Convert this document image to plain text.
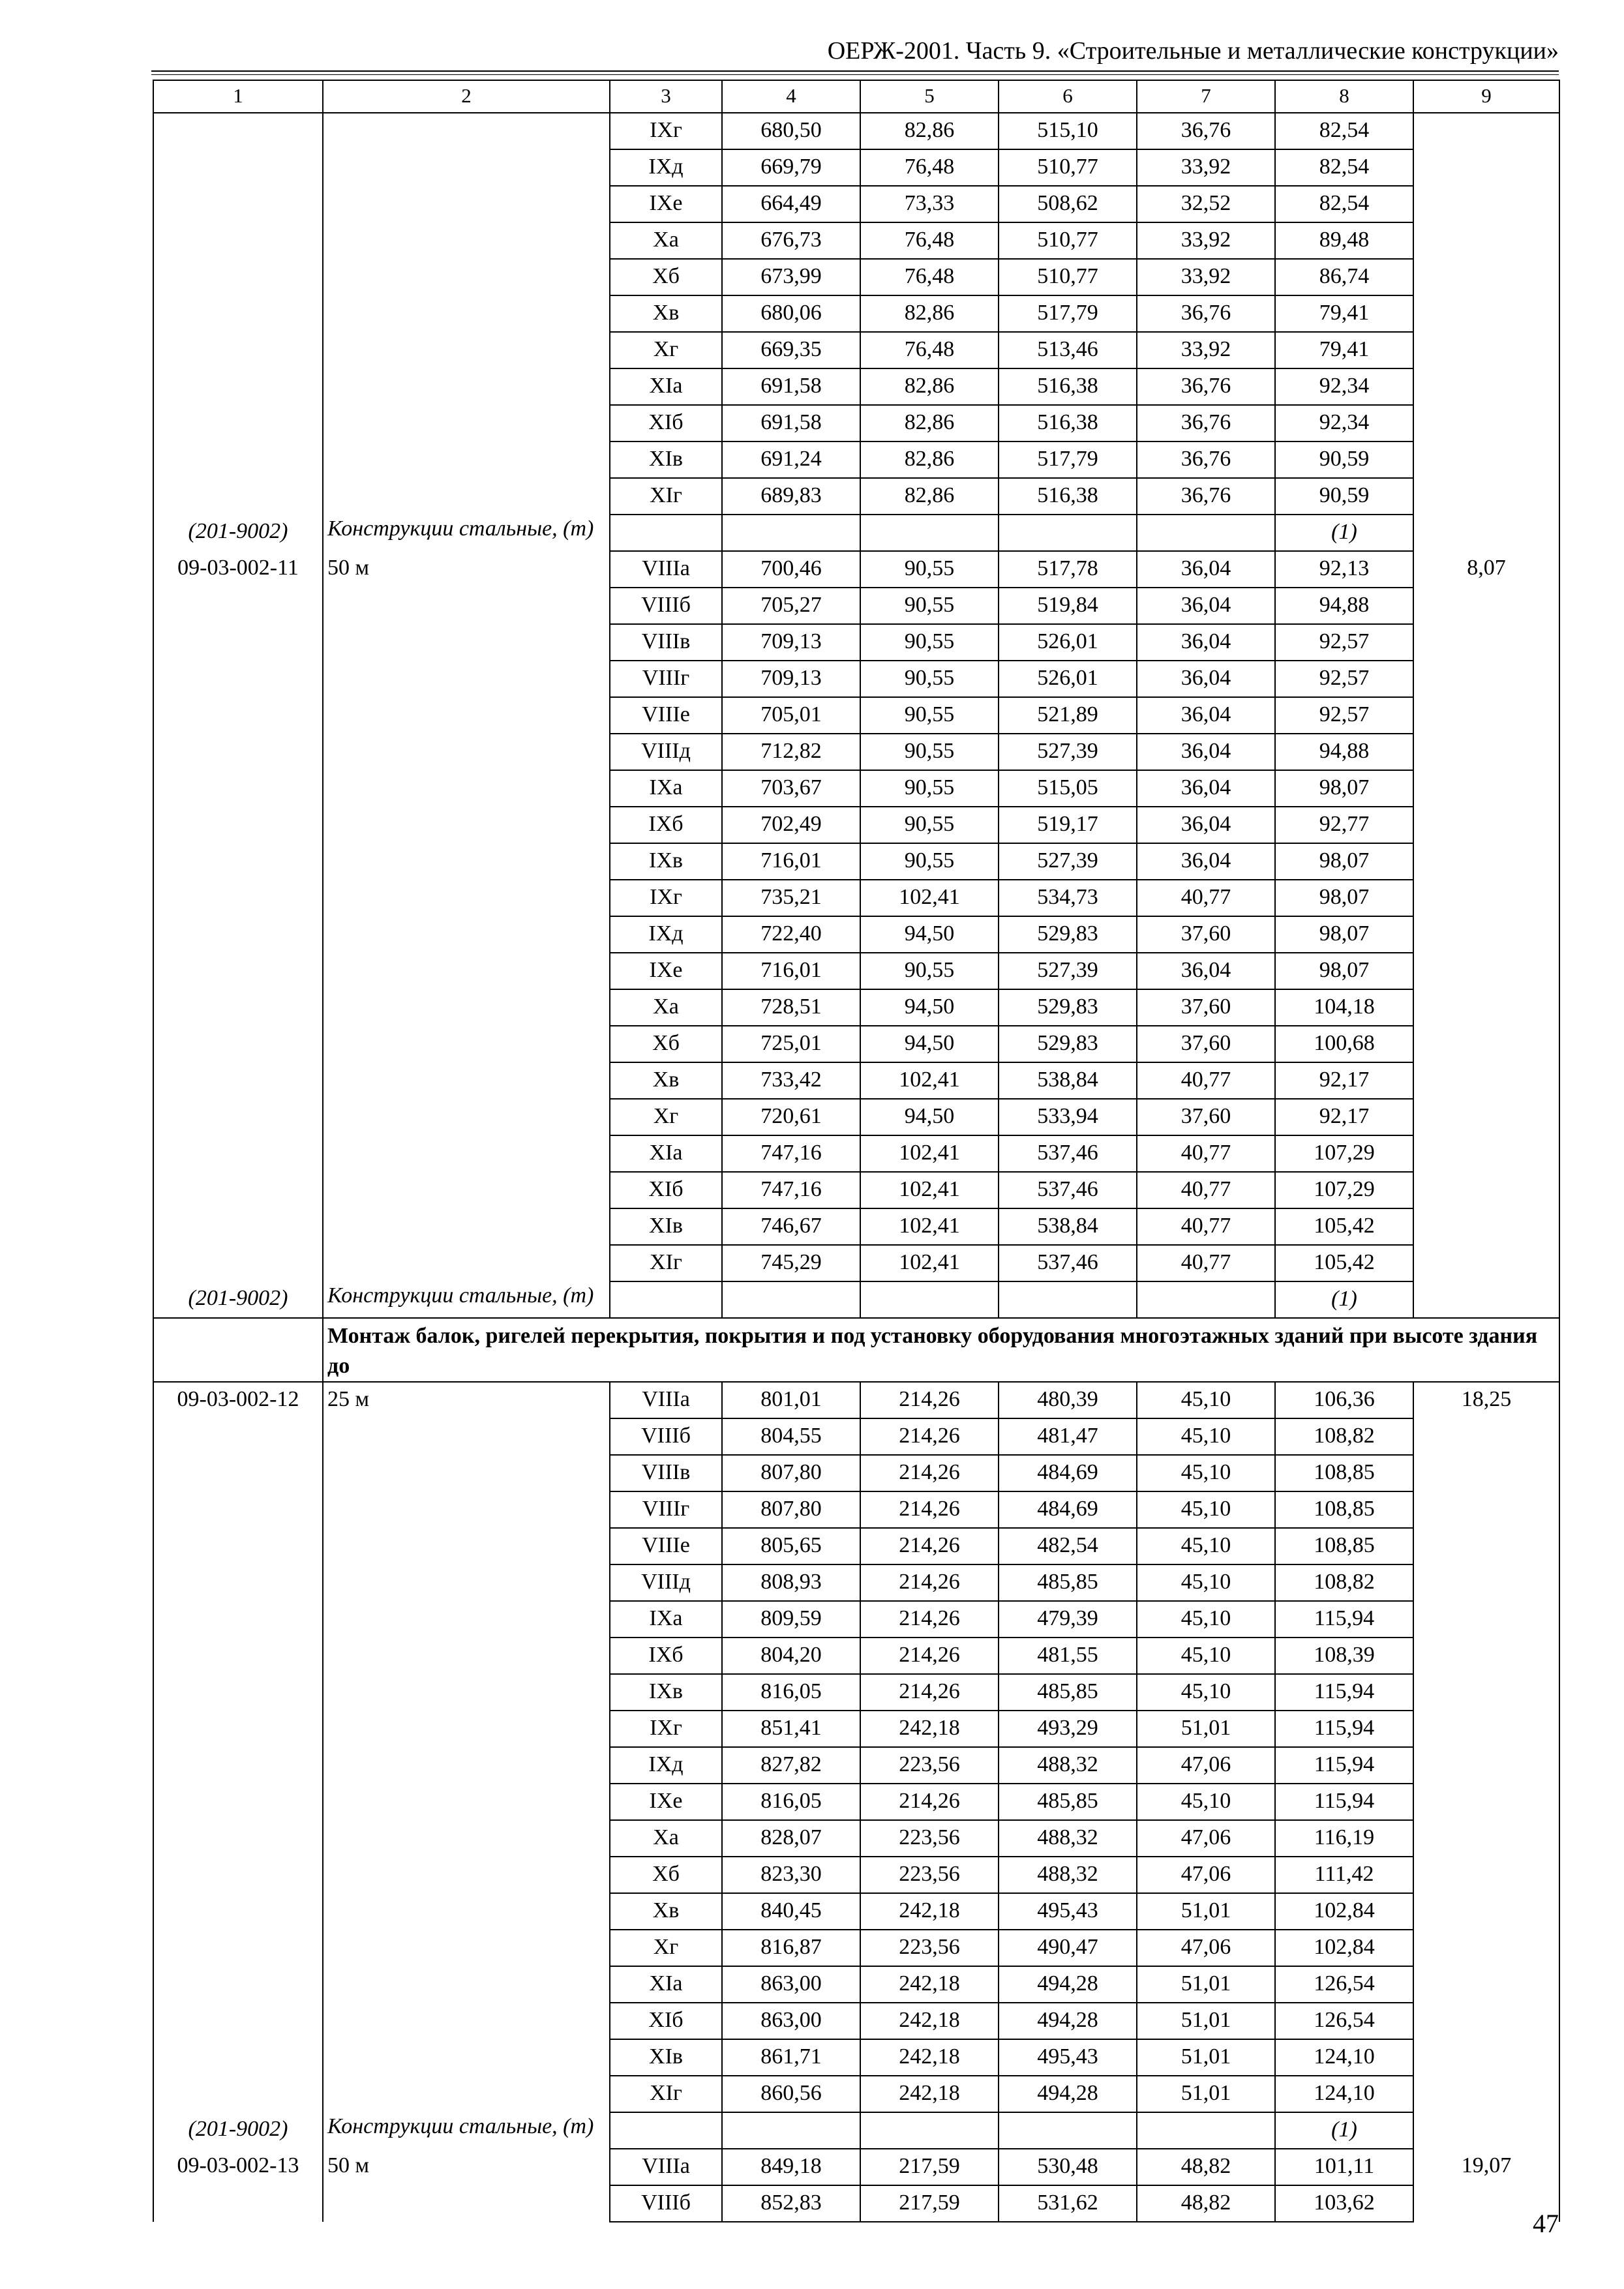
ОЕРЖ-2001. Часть 9. «Строительные и металлические конструкции»
1	2	3	4	5	6	7	8	9
		IXг	680,50	82,86	515,10	36,76	82,54	
		IXд	669,79	76,48	510,77	33,92	82,54	
		IXе	664,49	73,33	508,62	32,52	82,54	
		Xа	676,73	76,48	510,77	33,92	89,48	
		Xб	673,99	76,48	510,77	33,92	86,74	
		Xв	680,06	82,86	517,79	36,76	79,41	
		Xг	669,35	76,48	513,46	33,92	79,41	
		XIа	691,58	82,86	516,38	36,76	92,34	
		XIб	691,58	82,86	516,38	36,76	92,34	
		XIв	691,24	82,86	517,79	36,76	90,59	
		XIг	689,83	82,86	516,38	36,76	90,59	
(201-9002)	Конструкции стальные, (т)						(1)	
09-03-002-11	50 м	VIIIа	700,46	90,55	517,78	36,04	92,13	8,07
		VIIIб	705,27	90,55	519,84	36,04	94,88	
		VIIIв	709,13	90,55	526,01	36,04	92,57	
		VIIIг	709,13	90,55	526,01	36,04	92,57	
		VIIIе	705,01	90,55	521,89	36,04	92,57	
		VIIIд	712,82	90,55	527,39	36,04	94,88	
		IXа	703,67	90,55	515,05	36,04	98,07	
		IXб	702,49	90,55	519,17	36,04	92,77	
		IXв	716,01	90,55	527,39	36,04	98,07	
		IXг	735,21	102,41	534,73	40,77	98,07	
		IXд	722,40	94,50	529,83	37,60	98,07	
		IXе	716,01	90,55	527,39	36,04	98,07	
		Xа	728,51	94,50	529,83	37,60	104,18	
		Xб	725,01	94,50	529,83	37,60	100,68	
		Xв	733,42	102,41	538,84	40,77	92,17	
		Xг	720,61	94,50	533,94	37,60	92,17	
		XIа	747,16	102,41	537,46	40,77	107,29	
		XIб	747,16	102,41	537,46	40,77	107,29	
		XIв	746,67	102,41	538,84	40,77	105,42	
		XIг	745,29	102,41	537,46	40,77	105,42	
(201-9002)	Конструкции стальные, (т)						(1)	
	Монтаж балок, ригелей перекрытия, покрытия и под установку оборудования многоэтажных зданий при высоте здания до							
09-03-002-12	25 м	VIIIа	801,01	214,26	480,39	45,10	106,36	18,25
		VIIIб	804,55	214,26	481,47	45,10	108,82	
		VIIIв	807,80	214,26	484,69	45,10	108,85	
		VIIIг	807,80	214,26	484,69	45,10	108,85	
		VIIIе	805,65	214,26	482,54	45,10	108,85	
		VIIIд	808,93	214,26	485,85	45,10	108,82	
		IXа	809,59	214,26	479,39	45,10	115,94	
		IXб	804,20	214,26	481,55	45,10	108,39	
		IXв	816,05	214,26	485,85	45,10	115,94	
		IXг	851,41	242,18	493,29	51,01	115,94	
		IXд	827,82	223,56	488,32	47,06	115,94	
		IXе	816,05	214,26	485,85	45,10	115,94	
		Xа	828,07	223,56	488,32	47,06	116,19	
		Xб	823,30	223,56	488,32	47,06	111,42	
		Xв	840,45	242,18	495,43	51,01	102,84	
		Xг	816,87	223,56	490,47	47,06	102,84	
		XIа	863,00	242,18	494,28	51,01	126,54	
		XIб	863,00	242,18	494,28	51,01	126,54	
		XIв	861,71	242,18	495,43	51,01	124,10	
		XIг	860,56	242,18	494,28	51,01	124,10	
(201-9002)	Конструкции стальные, (т)						(1)	
09-03-002-13	50 м	VIIIа	849,18	217,59	530,48	48,82	101,11	19,07
		VIIIб	852,83	217,59	531,62	48,82	103,62	
47
